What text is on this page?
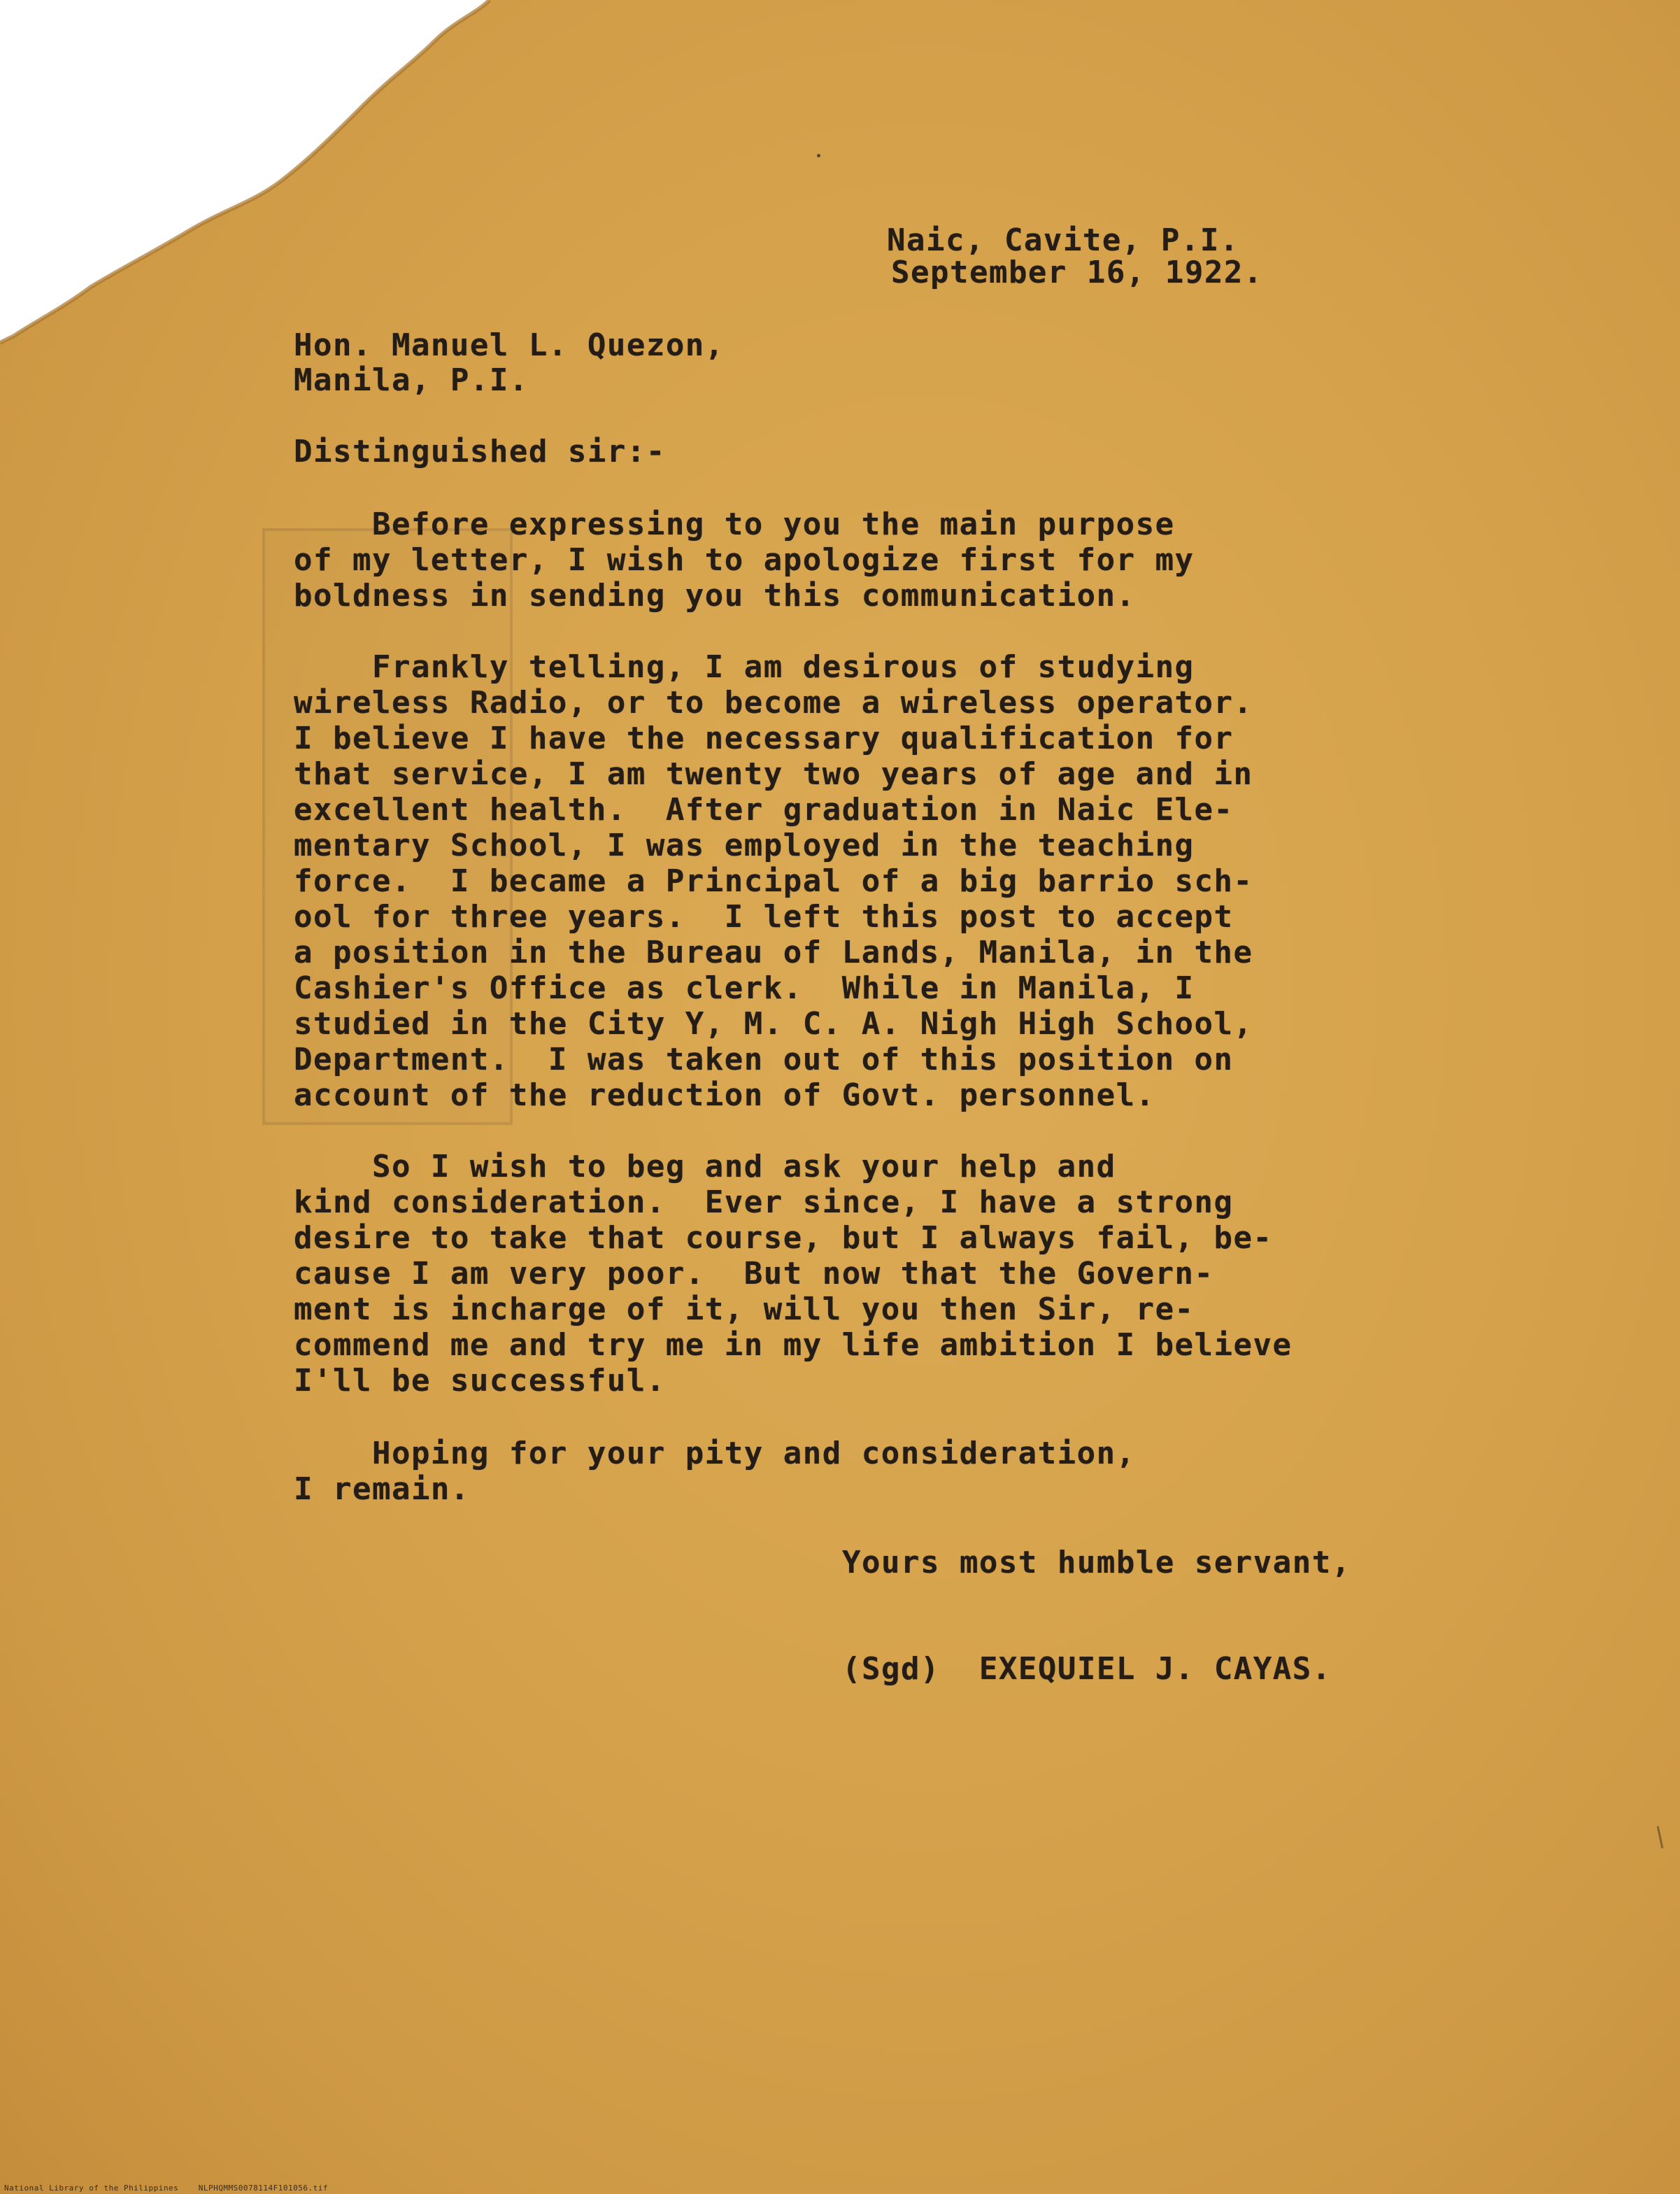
Naic, Cavite, P.I.
September 16, 1922.
Hon. Manuel L. Quezon,
Manila, P.I.
Distinguished sir:-
Before expressing to you the main purpose
of my letter, I wish to apologize first for my
boldness in sending you this communication.
Frankly telling, I am desirous of studying
wireless Radio, or to become a wireless operator.
I believe I have the necessary qualification for
that service, I am twenty two years of age and in
excellent health.  After graduation in Naic Ele-
mentary School, I was employed in the teaching
force.  I became a Principal of a big barrio sch-
ool for three years.  I left this post to accept
a position in the Bureau of Lands, Manila, in the
Cashier's Office as clerk.  While in Manila, I
studied in the City Y, M. C. A. Nigh High School,
Department.  I was taken out of this position on
account of the reduction of Govt. personnel.
So I wish to beg and ask your help and
kind consideration.  Ever since, I have a strong
desire to take that course, but I always fail, be-
cause I am very poor.  But now that the Govern-
ment is incharge of it, will you then Sir, re-
commend me and try me in my life ambition I believe
I'll be successful.
Hoping for your pity and consideration,
I remain.
Yours most humble servant,
(Sgd)  EXEQUIEL J. CAYAS.
National Library of the Philippines    NLPHQMMS0078114F101056.tif
